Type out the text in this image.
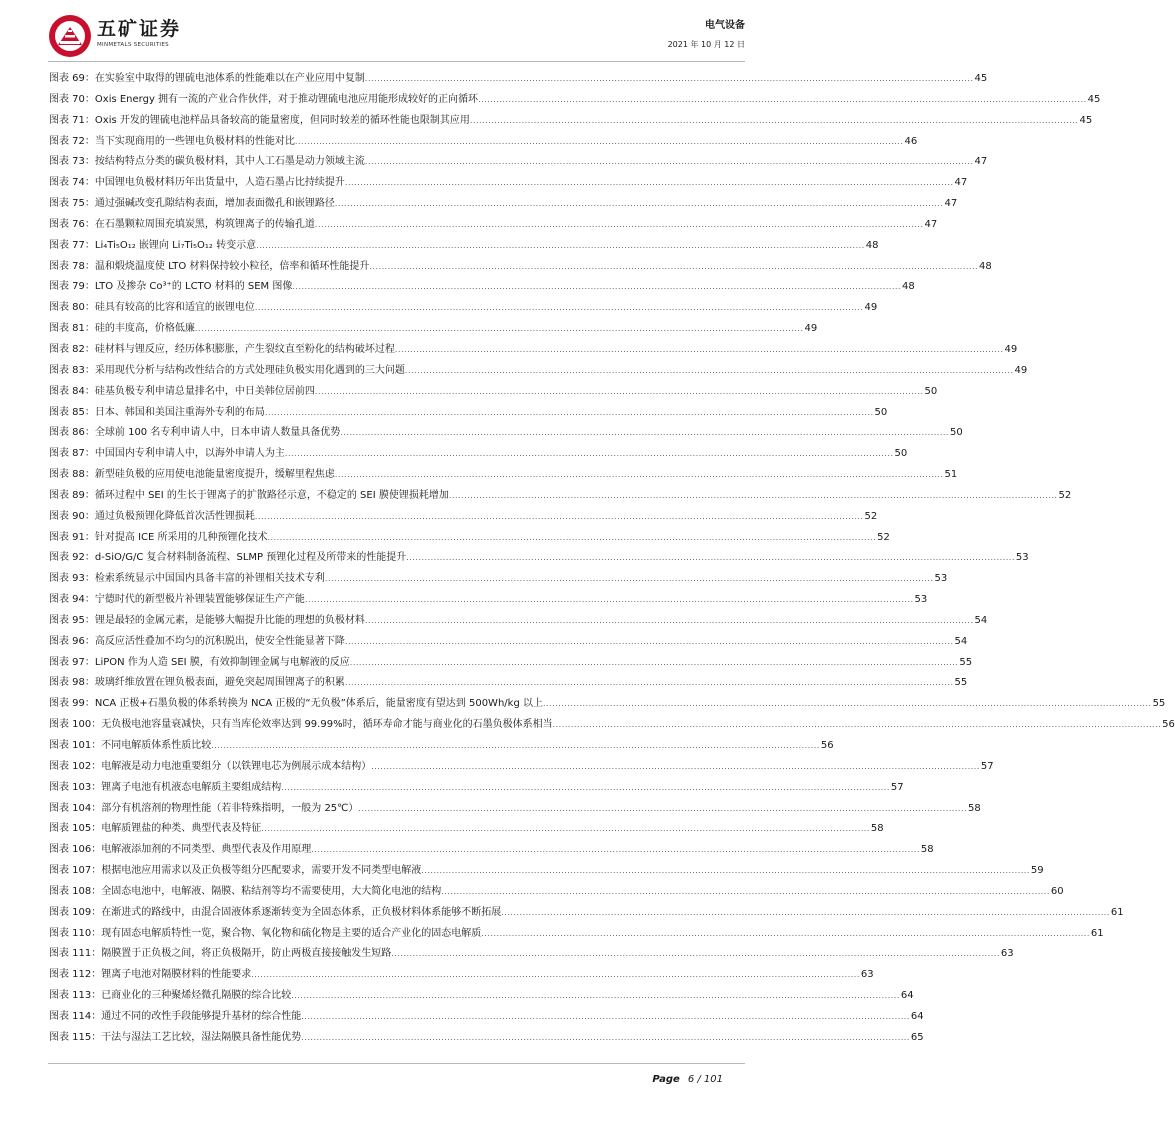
五矿证券
MINMETALS SECURITIES
电气设备
2021 年 10 月 12 日
图表 69： 在实验室中取得的锂硫电池体系的性能难以在产业应用中复制 .....	45
图表 70： Oxis Energy 拥有一流的产业合作伙伴，对于推动锂硫电池应用能形成较好的正向循环 .....	45
图表 71： Oxis 开发的锂硫电池样品具备较高的能量密度，但同时较差的循环性能也限制其应用 .....	45
图表 72： 当下实现商用的一些锂电负极材料的性能对比 .....	46
图表 73： 按结构特点分类的碳负极材料，其中人工石墨是动力领域主流 .....	47
图表 74： 中国锂电负极材料历年出货量中，人造石墨占比持续提升 .....	47
图表 75： 通过强碱改变孔隙结构表面，增加表面微孔和嵌锂路径 .....	47
图表 76： 在石墨颗粒周围充填炭黑，构筑锂离子的传输孔道 .....	47
图表 77： Li₄Ti₅O₁₂ 嵌锂向 Li₇Ti₅O₁₂ 转变示意 .....	48
图表 78： 温和煅烧温度使 LTO 材料保持较小粒径，倍率和循环性能提升 .....	48
图表 79： LTO 及掺杂 Co³⁺的 LCTO 材料的 SEM 图像 .....	48
图表 80： 硅具有较高的比容和适宜的嵌锂电位 .....	49
图表 81： 硅的丰度高，价格低廉 .....	49
图表 82： 硅材料与锂反应，经历体积膨胀，产生裂纹直至粉化的结构破坏过程 .....	49
图表 83： 采用现代分析与结构改性结合的方式处理硅负极实用化遇到的三大问题 .....	49
图表 84： 硅基负极专利申请总量排名中，中日美韩位居前四 .....	50
图表 85： 日本、韩国和美国注重海外专利的布局 .....	50
图表 86： 全球前 100 名专利申请人中，日本申请人数量具备优势 .....	50
图表 87： 中国国内专利申请人中，以海外申请人为主 .....	50
图表 88： 新型硅负极的应用使电池能量密度提升，缓解里程焦虑 .....	51
图表 89： 循环过程中 SEI 的生长于锂离子的扩散路径示意，不稳定的 SEI 膜使锂损耗增加 .....	52
图表 90： 通过负极预锂化降低首次活性锂损耗 .....	52
图表 91： 针对提高 ICE 所采用的几种预锂化技术 .....	52
图表 92： d-SiO/G/C 复合材料制备流程、SLMP 预锂化过程及所带来的性能提升 .....	53
图表 93： 检索系统显示中国国内具备丰富的补锂相关技术专利 .....	53
图表 94： 宁德时代的新型极片补锂装置能够保证生产产能 .....	53
图表 95： 锂是最轻的金属元素，是能够大幅提升比能的理想的负极材料 .....	54
图表 96： 高反应活性叠加不均匀的沉积脱出，使安全性能显著下降 .....	54
图表 97： LiPON 作为人造 SEI 膜，有效抑制锂金属与电解液的反应 .....	55
图表 98： 玻璃纤维放置在锂负极表面，避免突起周围锂离子的积累 .....	55
图表 99： NCA 正极+石墨负极的体系转换为 NCA 正极的“无负极”体系后，能量密度有望达到 500Wh/kg 以上 .....	55
图表 100： 无负极电池容量衰减快，只有当库伦效率达到 99.99%时，循环寿命才能与商业化的石墨负极体系相当 .....	56
图表 101： 不同电解质体系性质比较 .....	56
图表 102： 电解液是动力电池重要组分（以铁锂电芯为例展示成本结构） .....	57
图表 103： 锂离子电池有机液态电解质主要组成结构 .....	57
图表 104： 部分有机溶剂的物理性能（若非特殊指明，一般为 25℃） .....	58
图表 105： 电解质锂盐的种类、典型代表及特征 .....	58
图表 106： 电解液添加剂的不同类型、典型代表及作用原理 .....	58
图表 107： 根据电池应用需求以及正负极等组分匹配要求，需要开发不同类型电解液 .....	59
图表 108： 全固态电池中，电解液、隔膜、粘结剂等均不需要使用，大大简化电池的结构 .....	60
图表 109： 在渐进式的路线中，由混合固液体系逐渐转变为全固态体系，正负极材料体系能够不断拓展 .....	61
图表 110： 现有固态电解质特性一览，聚合物、氧化物和硫化物是主要的适合产业化的固态电解质 .....	61
图表 111： 隔膜置于正负极之间，将正负极隔开，防止两极直接接触发生短路 .....	63
图表 112： 锂离子电池对隔膜材料的性能要求 .....	63
图表 113： 已商业化的三种聚烯烃微孔隔膜的综合比较 .....	64
图表 114： 通过不同的改性手段能够提升基材的综合性能 .....	64
图表 115： 干法与湿法工艺比较，湿法隔膜具备性能优势 .....	65
Page 6 / 101
